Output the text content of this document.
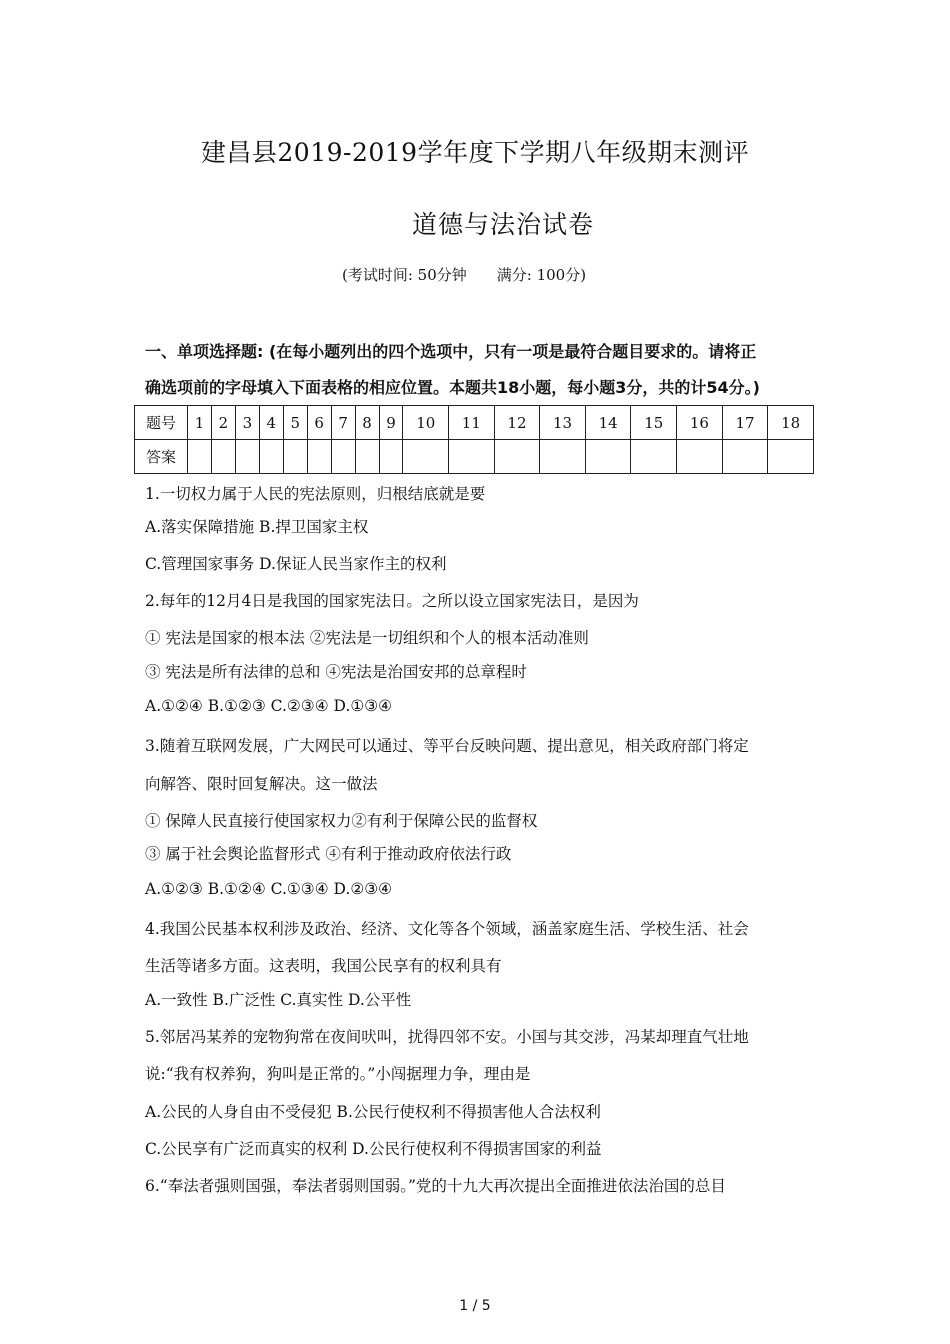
建昌县2019-2019学年度下学期八年级期末测评
道德与法治试卷
(考试时间: 50分钟 满分: 100分)
一、单项选择题: (在每小题列出的四个选项中，只有一项是最符合题目要求的。请将正
确选项前的字母填入下面表格的相应位置。本题共18小题，每小题3分，共的计54分。)
题号	1	2	3	4	5	6	7	8	9	10	11	12	13	14	15	16	17	18
答案																		
1.一切权力属于人民的宪法原则，归根结底就是要
A.落实保障措施 B.捍卫国家主权
C.管理国家事务 D.保证人民当家作主的权利
2.每年的12月4日是我国的国家宪法日。之所以设立国家宪法日，是因为
① 宪法是国家的根本法 ②宪法是一切组织和个人的根本活动准则
③ 宪法是所有法律的总和 ④宪法是治国安邦的总章程时
A.①②④ B.①②③ C.②③④ D.①③④
3.随着互联网发展，广大网民可以通过、等平台反映问题、提出意见，相关政府部门将定
向解答、限时回复解决。这一做法
① 保障人民直接行使国家权力②有利于保障公民的监督权
③ 属于社会舆论监督形式 ④有利于推动政府依法行政
A.①②③ B.①②④ C.①③④ D.②③④
4.我国公民基本权利涉及政治、经济、文化等各个领域，涵盖家庭生活、学校生活、社会
生活等诸多方面。这表明，我国公民享有的权利具有
A.一致性 B.广泛性 C.真实性 D.公平性
5.邻居冯某养的宠物狗常在夜间吠叫，扰得四邻不安。小国与其交涉，冯某却理直气壮地
说:“我有权养狗，狗叫是正常的。”小闯据理力争，理由是
A.公民的人身自由不受侵犯 B.公民行使权利不得损害他人合法权利
C.公民享有广泛而真实的权利 D.公民行使权利不得损害国家的利益
6.“奉法者强则国强，奉法者弱则国弱。”党的十九大再次提出全面推进依法治国的总目
1 / 5
